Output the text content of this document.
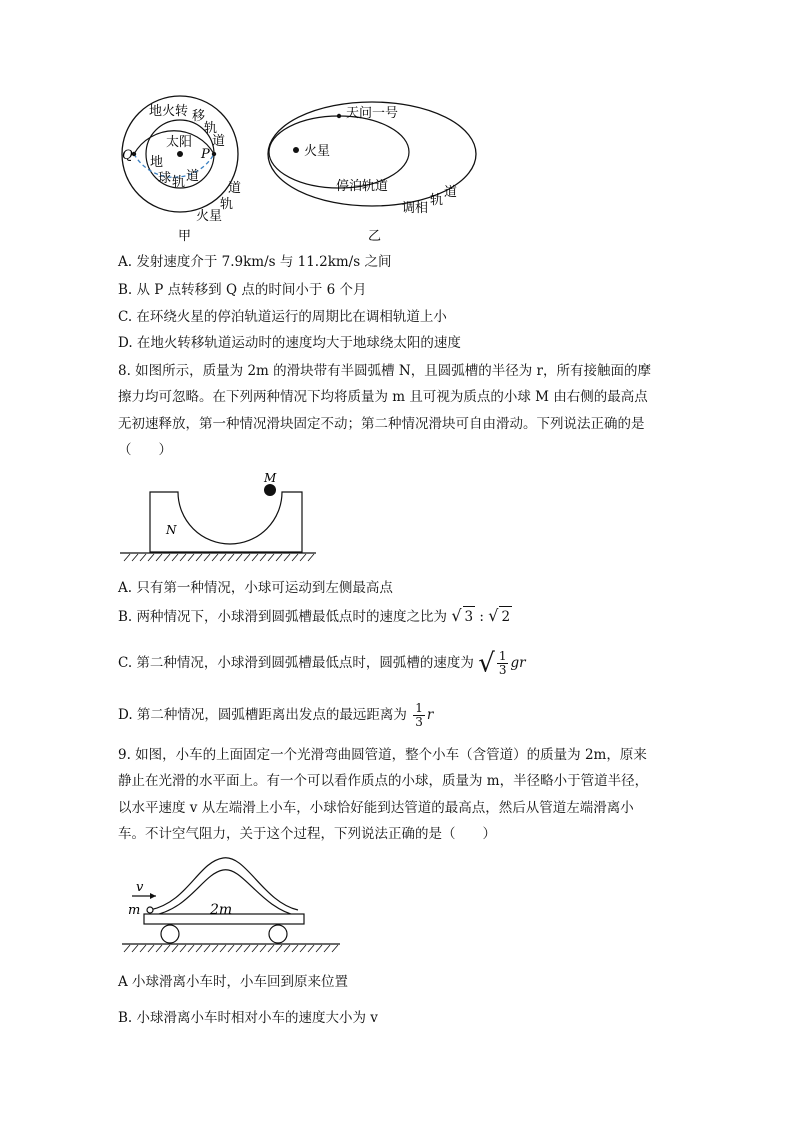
Q	P
太阳
地火转 移
轨
道
地
球 轨 道
火星
轨
道
甲
天问一号
火星
停泊轨道
调相
轨
道
乙
A. 发射速度介于 7.9km/s 与 11.2km/s 之间
B. 从 P 点转移到 Q 点的时间小于 6 个月
C. 在环绕火星的停泊轨道运行的周期比在调相轨道上小
D. 在地火转移轨道运动时的速度均大于地球绕太阳的速度
8. 如图所示，质量为 2m 的滑块带有半圆弧槽 N，且圆弧槽的半径为 r，所有接触面的摩
擦力均可忽略。在下列两种情况下均将质量为 m 且可视为质点的小球 M 由右侧的最高点
无初速释放，第一种情况滑块固定不动；第二种情况滑块可自由滑动。下列说法正确的是
（　　）
M
N
A. 只有第一种情况，小球可运动到左侧最高点
B. 两种情况下，小球滑到圆弧槽最低点时的速度之比为 √ 3 : √ 2
C. 第二种情况，小球滑到圆弧槽最低点时，圆弧槽的速度为 √ $\frac{1}{3}$ gr
D. 第二种情况，圆弧槽距离出发点的最远距离为 $\frac{1}{3}$ r
9. 如图，小车的上面固定一个光滑弯曲圆管道，整个小车（含管道）的质量为 2m，原来
静止在光滑的水平面上。有一个可以看作质点的小球，质量为 m，半径略小于管道半径，
以水平速度 v 从左端滑上小车，小球恰好能到达管道的最高点，然后从管道左端滑离小
车。不计空气阻力，关于这个过程，下列说法正确的是（　　）
v
m	2m
A 小球滑离小车时，小车回到原来位置
B. 小球滑离小车时相对小车的速度大小为 v
